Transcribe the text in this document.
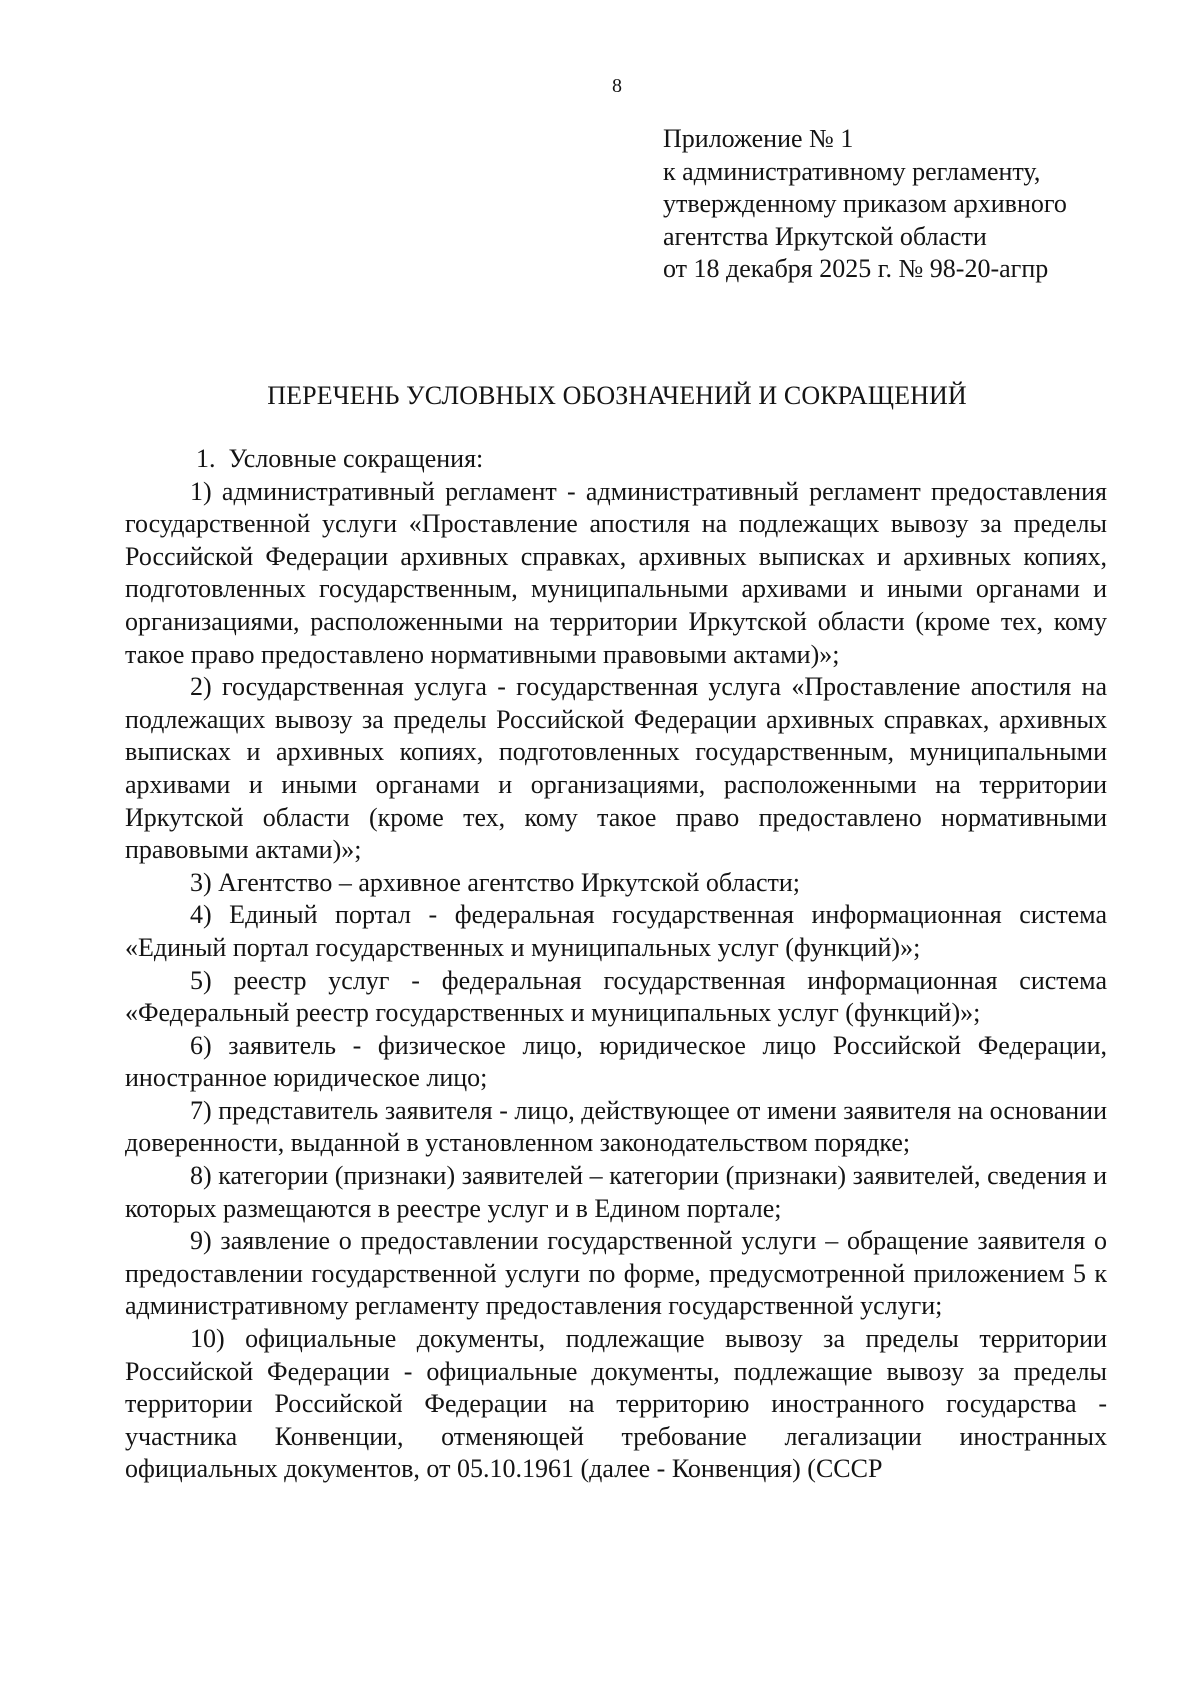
8
Приложение № 1
к административному регламенту,
утвержденному приказом архивного
агентства Иркутской области
от 18 декабря 2025 г. № 98-20-агпр
ПЕРЕЧЕНЬ УСЛОВНЫХ ОБОЗНАЧЕНИЙ И СОКРАЩЕНИЙ

1.  Условные сокращения:

1) административный регламент - административный регламент предоставления государственной услуги «Проставление апостиля на подлежащих вывозу за пределы Российской Федерации архивных справках, архивных выписках и архивных копиях, подготовленных государственным, муниципальными архивами и иными органами и организациями, расположенными на территории Иркутской области (кроме тех, кому такое право предоставлено нормативными правовыми актами)»;

2) государственная услуга - государственная услуга «Проставление апостиля на подлежащих вывозу за пределы Российской Федерации архивных справках, архивных выписках и архивных копиях, подготовленных государственным, муниципальными архивами и иными органами и организациями, расположенными на территории Иркутской области (кроме тех, кому такое право предоставлено нормативными правовыми актами)»;

3) Агентство – архивное агентство Иркутской области;

4) Единый портал - федеральная государственная информационная система «Единый портал государственных и муниципальных услуг (функций)»;

5) реестр услуг - федеральная государственная информационная система «Федеральный реестр государственных и муниципальных услуг (функций)»;

6) заявитель - физическое лицо, юридическое лицо Российской Федерации, иностранное юридическое лицо;

7) представитель заявителя - лицо, действующее от имени заявителя на основании доверенности, выданной в установленном законодательством порядке;

8) категории (признаки) заявителей – категории (признаки) заявителей, сведения и которых размещаются в реестре услуг и в Едином портале;

9) заявление о предоставлении государственной услуги – обращение заявителя о предоставлении государственной услуги по форме, предусмотренной приложением 5 к административному регламенту предоставления государственной услуги;

10) официальные документы, подлежащие вывозу за пределы территории Российской Федерации - официальные документы, подлежащие вывозу за пределы территории Российской Федерации на территорию иностранного государства - участника Конвенции, отменяющей требование легализации иностранных официальных документов, от 05.10.1961 (далее - Конвенция) (СССР
